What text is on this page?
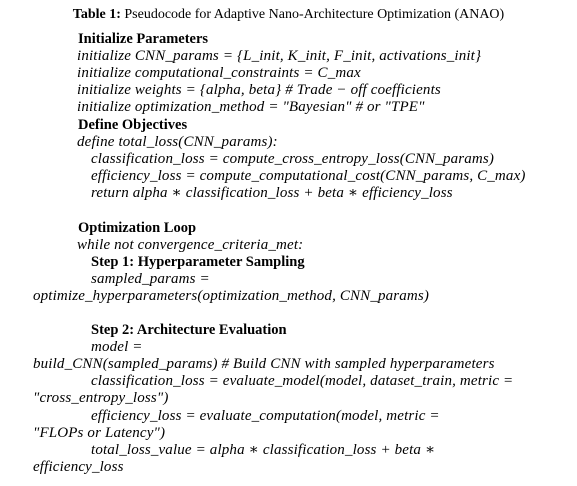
Table 1: Pseudocode for Adaptive Nano-Architecture Optimization (ANAO)
Initialize Parameters
initialize CNN_params = {L_init, K_init, F_init, activations_init}
initialize computational_constraints = C_max
initialize weights = {alpha, beta} # Trade − off coefficients
initialize optimization_method = "Bayesian" # or "TPE"
Define Objectives
define total_loss(CNN_params):
classification_loss = compute_cross_entropy_loss(CNN_params)
efficiency_loss = compute_computational_cost(CNN_params, C_max)
return alpha ∗ classification_loss + beta ∗ efficiency_loss
Optimization Loop
while not convergence_criteria_met:
Step 1: Hyperparameter Sampling
sampled_params =
optimize_hyperparameters(optimization_method, CNN_params)
Step 2: Architecture Evaluation
model =
build_CNN(sampled_params) # Build CNN with sampled hyperparameters
classification_loss = evaluate_model(model, dataset_train, metric =
"cross_entropy_loss")
efficiency_loss = evaluate_computation(model, metric =
"FLOPs or Latency")
total_loss_value = alpha ∗ classification_loss + beta ∗
efficiency_loss
